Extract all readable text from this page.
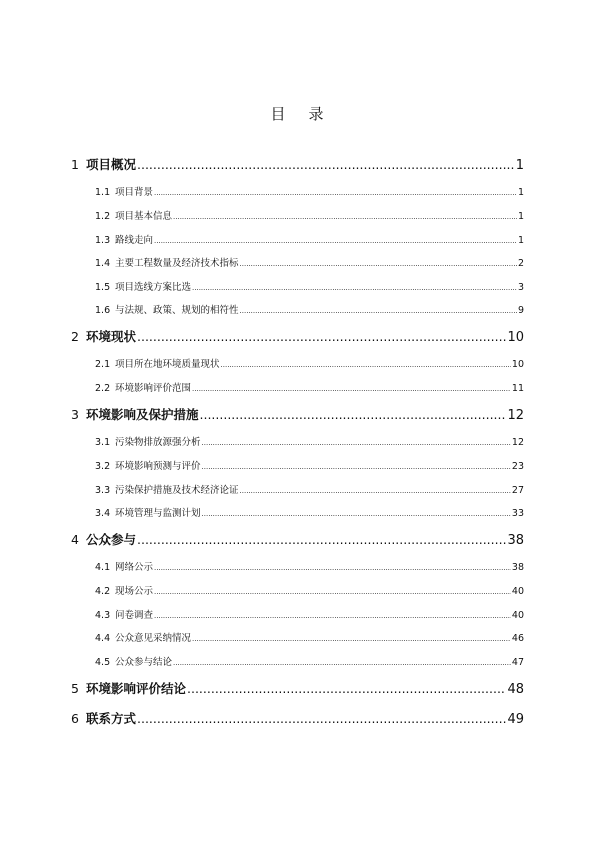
目 录
1 项目概况 .....	1
1.1 项目背景 .....	1
1.2 项目基本信息 .....	1
1.3 路线走向 .....	1
1.4 主要工程数量及经济技术指标 .....	2
1.5 项目选线方案比选 .....	3
1.6 与法规、政策、规划的相符性 .....	9
2 环境现状 .....	10
2.1 项目所在地环境质量现状 .....	10
2.2 环境影响评价范围 .....	11
3 环境影响及保护措施 .....	12
3.1 污染物排放源强分析 .....	12
3.2 环境影响预测与评价 .....	23
3.3 污染保护措施及技术经济论证 .....	27
3.4 环境管理与监测计划 .....	33
4 公众参与 .....	38
4.1 网络公示 .....	38
4.2 现场公示 .....	40
4.3 问卷调查 .....	40
4.4 公众意见采纳情况 .....	46
4.5 公众参与结论 .....	47
5 环境影响评价结论 .....	48
6 联系方式 .....	49
